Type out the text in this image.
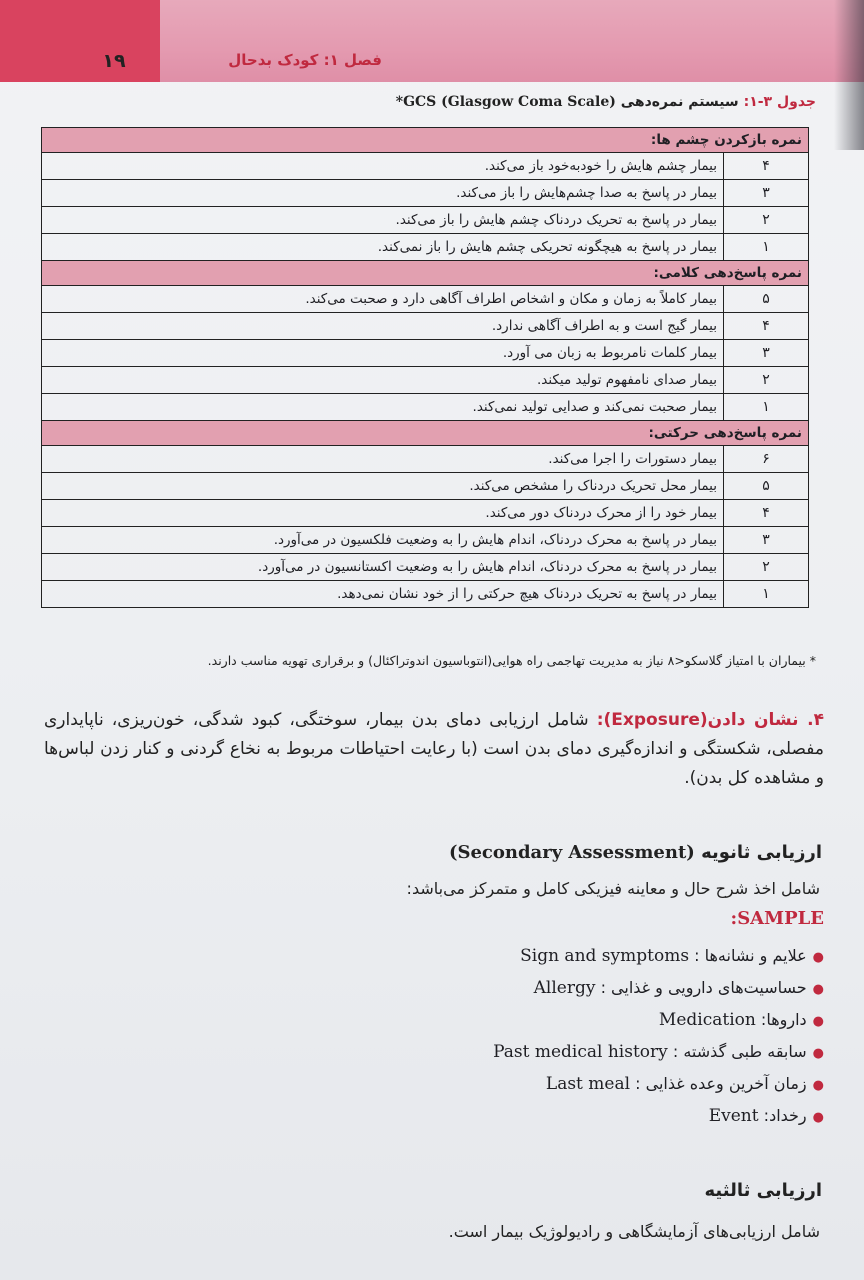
۱۹	فصل ۱: کودک بدحال
جدول ۳-۱: سیستم نمره‌دهی GCS (Glasgow Coma Scale)*
نمره بازکردن چشم ها:	
۴	بیمار چشم هایش را خودبه‌خود باز می‌کند.
۳	بیمار در پاسخ به صدا چشم‌هایش را باز می‌کند.
۲	بیمار در پاسخ به تحریک دردناک چشم هایش را باز می‌کند.
۱	بیمار در پاسخ به هیچگونه تحریکی چشم هایش را باز نمی‌کند.
نمره پاسخ‌دهی کلامی:	
۵	بیمار کاملاً به زمان و مکان و اشخاص اطراف آگاهی دارد و صحبت می‌کند.
۴	بیمار گیج است و به اطراف آگاهی ندارد.
۳	بیمار کلمات نامربوط به زبان می آورد.
۲	بیمار صدای نامفهوم تولید میکند.
۱	بیمار صحبت نمی‌کند و صدایی تولید نمی‌کند.
نمره پاسخ‌دهی حرکتی:	
۶	بیمار دستورات را اجرا می‌کند.
۵	بیمار محل تحریک دردناک را مشخص می‌کند.
۴	بیمار خود را از محرک دردناک دور می‌کند.
۳	بیمار در پاسخ به محرک دردناک، اندام هایش را به وضعیت فلکسیون در می‌آورد.
۲	بیمار در پاسخ به محرک دردناک، اندام هایش را به وضعیت اکستانسیون در می‌آورد.
۱	بیمار در پاسخ به تحریک دردناک هیچ حرکتی را از خود نشان نمی‌دهد.
* بیماران با امتیاز گلاسکو<۸ نیاز به مدیریت تهاجمی راه هوایی(انتوباسیون اندوتراکئال) و برقراری تهویه مناسب دارند.
۴. نشان دادن(Exposure): شامل ارزیابی دمای بدن بیمار، سوختگی، کبود شدگی، خون‌ریزی، ناپایداری مفصلی، شکستگی و اندازه‌گیری دمای بدن است (با رعایت احتیاطات مربوط به نخاع گردنی و کنار زدن لباس‌ها و مشاهده کل بدن).
ارزیابی ثانویه (Secondary Assessment)
شامل اخذ شرح حال و معاینه فیزیکی کامل و متمرکز می‌باشد:
SAMPLE:
●علایم و نشانه‌ها : Sign and symptoms
●حساسیت‌های دارویی و غذایی : Allergy
●داروها: Medication
●سابقه طبی گذشته : Past medical history
●زمان آخرین وعده غذایی : Last meal
●رخداد: Event
ارزیابی ثالثیه
شامل ارزیابی‌های آزمایشگاهی و رادیولوژیک بیمار است.
